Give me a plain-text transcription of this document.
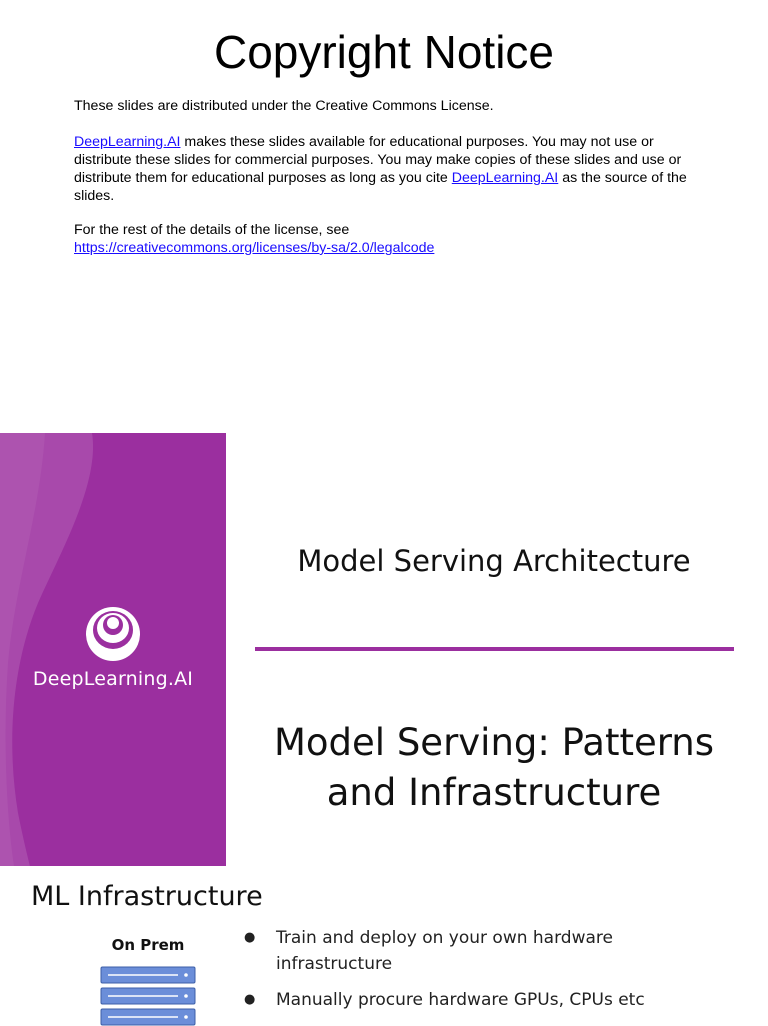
Copyright Notice
These slides are distributed under the Creative Commons License.
DeepLearning.AI makes these slides available for educational purposes. You may not use or distribute these slides for commercial purposes. You may make copies of these slides and use or distribute them for educational purposes as long as you cite DeepLearning.AI as the source of the slides.
For the rest of the details of the license, see
https://creativecommons.org/licenses/by-sa/2.0/legalcode
DeepLearning.AI
Model Serving Architecture
Model Serving: Patterns
and Infrastructure
ML Infrastructure
On Prem
●	Train and deploy on your own hardware infrastructure
● Manually procure hardware GPUs, CPUs etc
